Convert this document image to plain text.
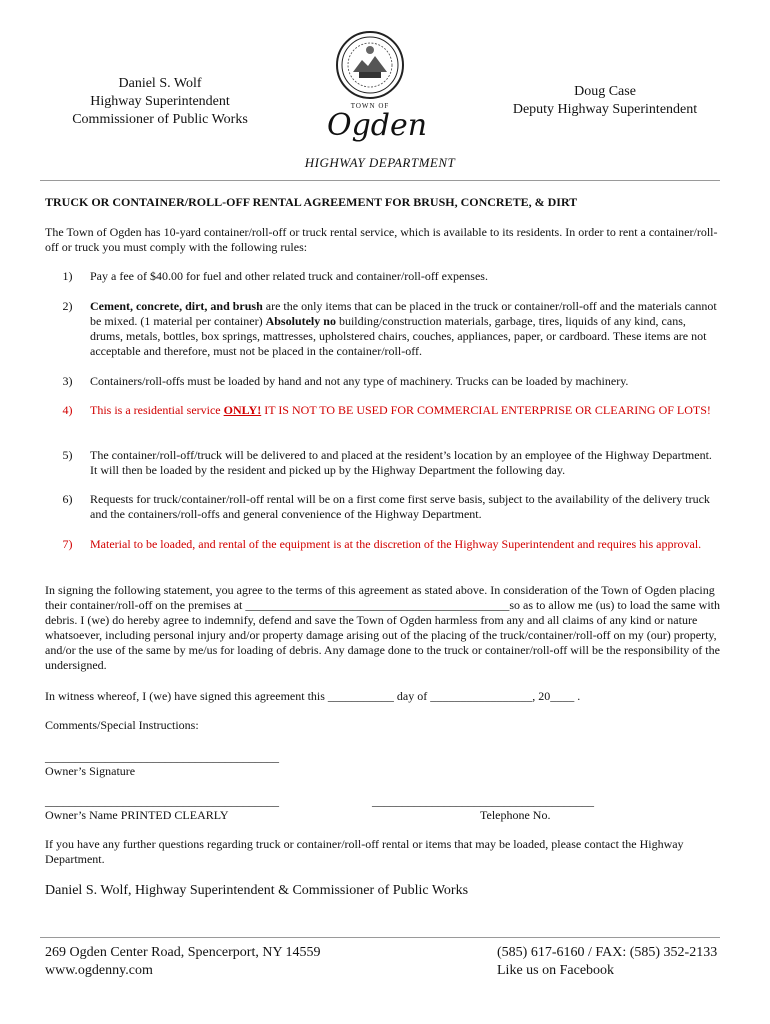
Daniel S. Wolf
Highway Superintendent
Commissioner of Public Works
TOWN OF
Ogden
Doug Case
Deputy Highway Superintendent
HIGHWAY DEPARTMENT
TRUCK OR CONTAINER/ROLL-OFF RENTAL AGREEMENT FOR BRUSH, CONCRETE, & DIRT
The Town of Ogden has 10-yard container/roll-off or truck rental service, which is available to its residents. In order to rent a container/roll-off or truck you must comply with the following rules:
1)	Pay a fee of $40.00 for fuel and other related truck and container/roll-off expenses.
2)	Cement, concrete, dirt, and brush are the only items that can be placed in the truck or container/roll-off and the materials cannot be mixed. (1 material per container) Absolutely no building/construction materials, garbage, tires, liquids of any kind, cans, drums, metals, bottles, box springs, mattresses, upholstered chairs, couches, appliances, paper, or cardboard. These items are not acceptable and therefore, must not be placed in the container/roll-off.
3)	Containers/roll-offs must be loaded by hand and not any type of machinery. Trucks can be loaded by machinery.
4)	This is a residential service ONLY! IT IS NOT TO BE USED FOR COMMERCIAL ENTERPRISE OR CLEARING OF LOTS!
5)	The container/roll-off/truck will be delivered to and placed at the resident’s location by an employee of the Highway Department. It will then be loaded by the resident and picked up by the Highway Department the following day.
6)	Requests for truck/container/roll-off rental will be on a first come first serve basis, subject to the availability of the delivery truck and the containers/roll-offs and general convenience of the Highway Department.
7)	Material to be loaded, and rental of the equipment is at the discretion of the Highway Superintendent and requires his approval.
In signing the following statement, you agree to the terms of this agreement as stated above. In consideration of the Town of Ogden placing their container/roll-off on the premises at ____________________________________________so as to allow me (us) to load the same with debris. I (we) do hereby agree to indemnify, defend and save the Town of Ogden harmless from any and all claims of any kind or nature whatsoever, including personal injury and/or property damage arising out of the placing of the truck/container/roll-off on my (our) property, and/or the use of the same by me/us for loading of debris. Any damage done to the truck or container/roll-off will be the responsibility of the undersigned.
In witness whereof, I (we) have signed this agreement this ___________ day of _________________, 20____ .
Comments/Special Instructions:
_______________________________________
Owner’s Signature
_______________________________________
Owner’s Name PRINTED CLEARLY
_____________________________________
Telephone No.
If you have any further questions regarding truck or container/roll-off rental or items that may be loaded, please contact the Highway Department.
Daniel S. Wolf, Highway Superintendent & Commissioner of Public Works
269 Ogden Center Road, Spencerport, NY 14559
www.ogdenny.com
(585) 617-6160 / FAX: (585) 352-2133
Like us on Facebook
